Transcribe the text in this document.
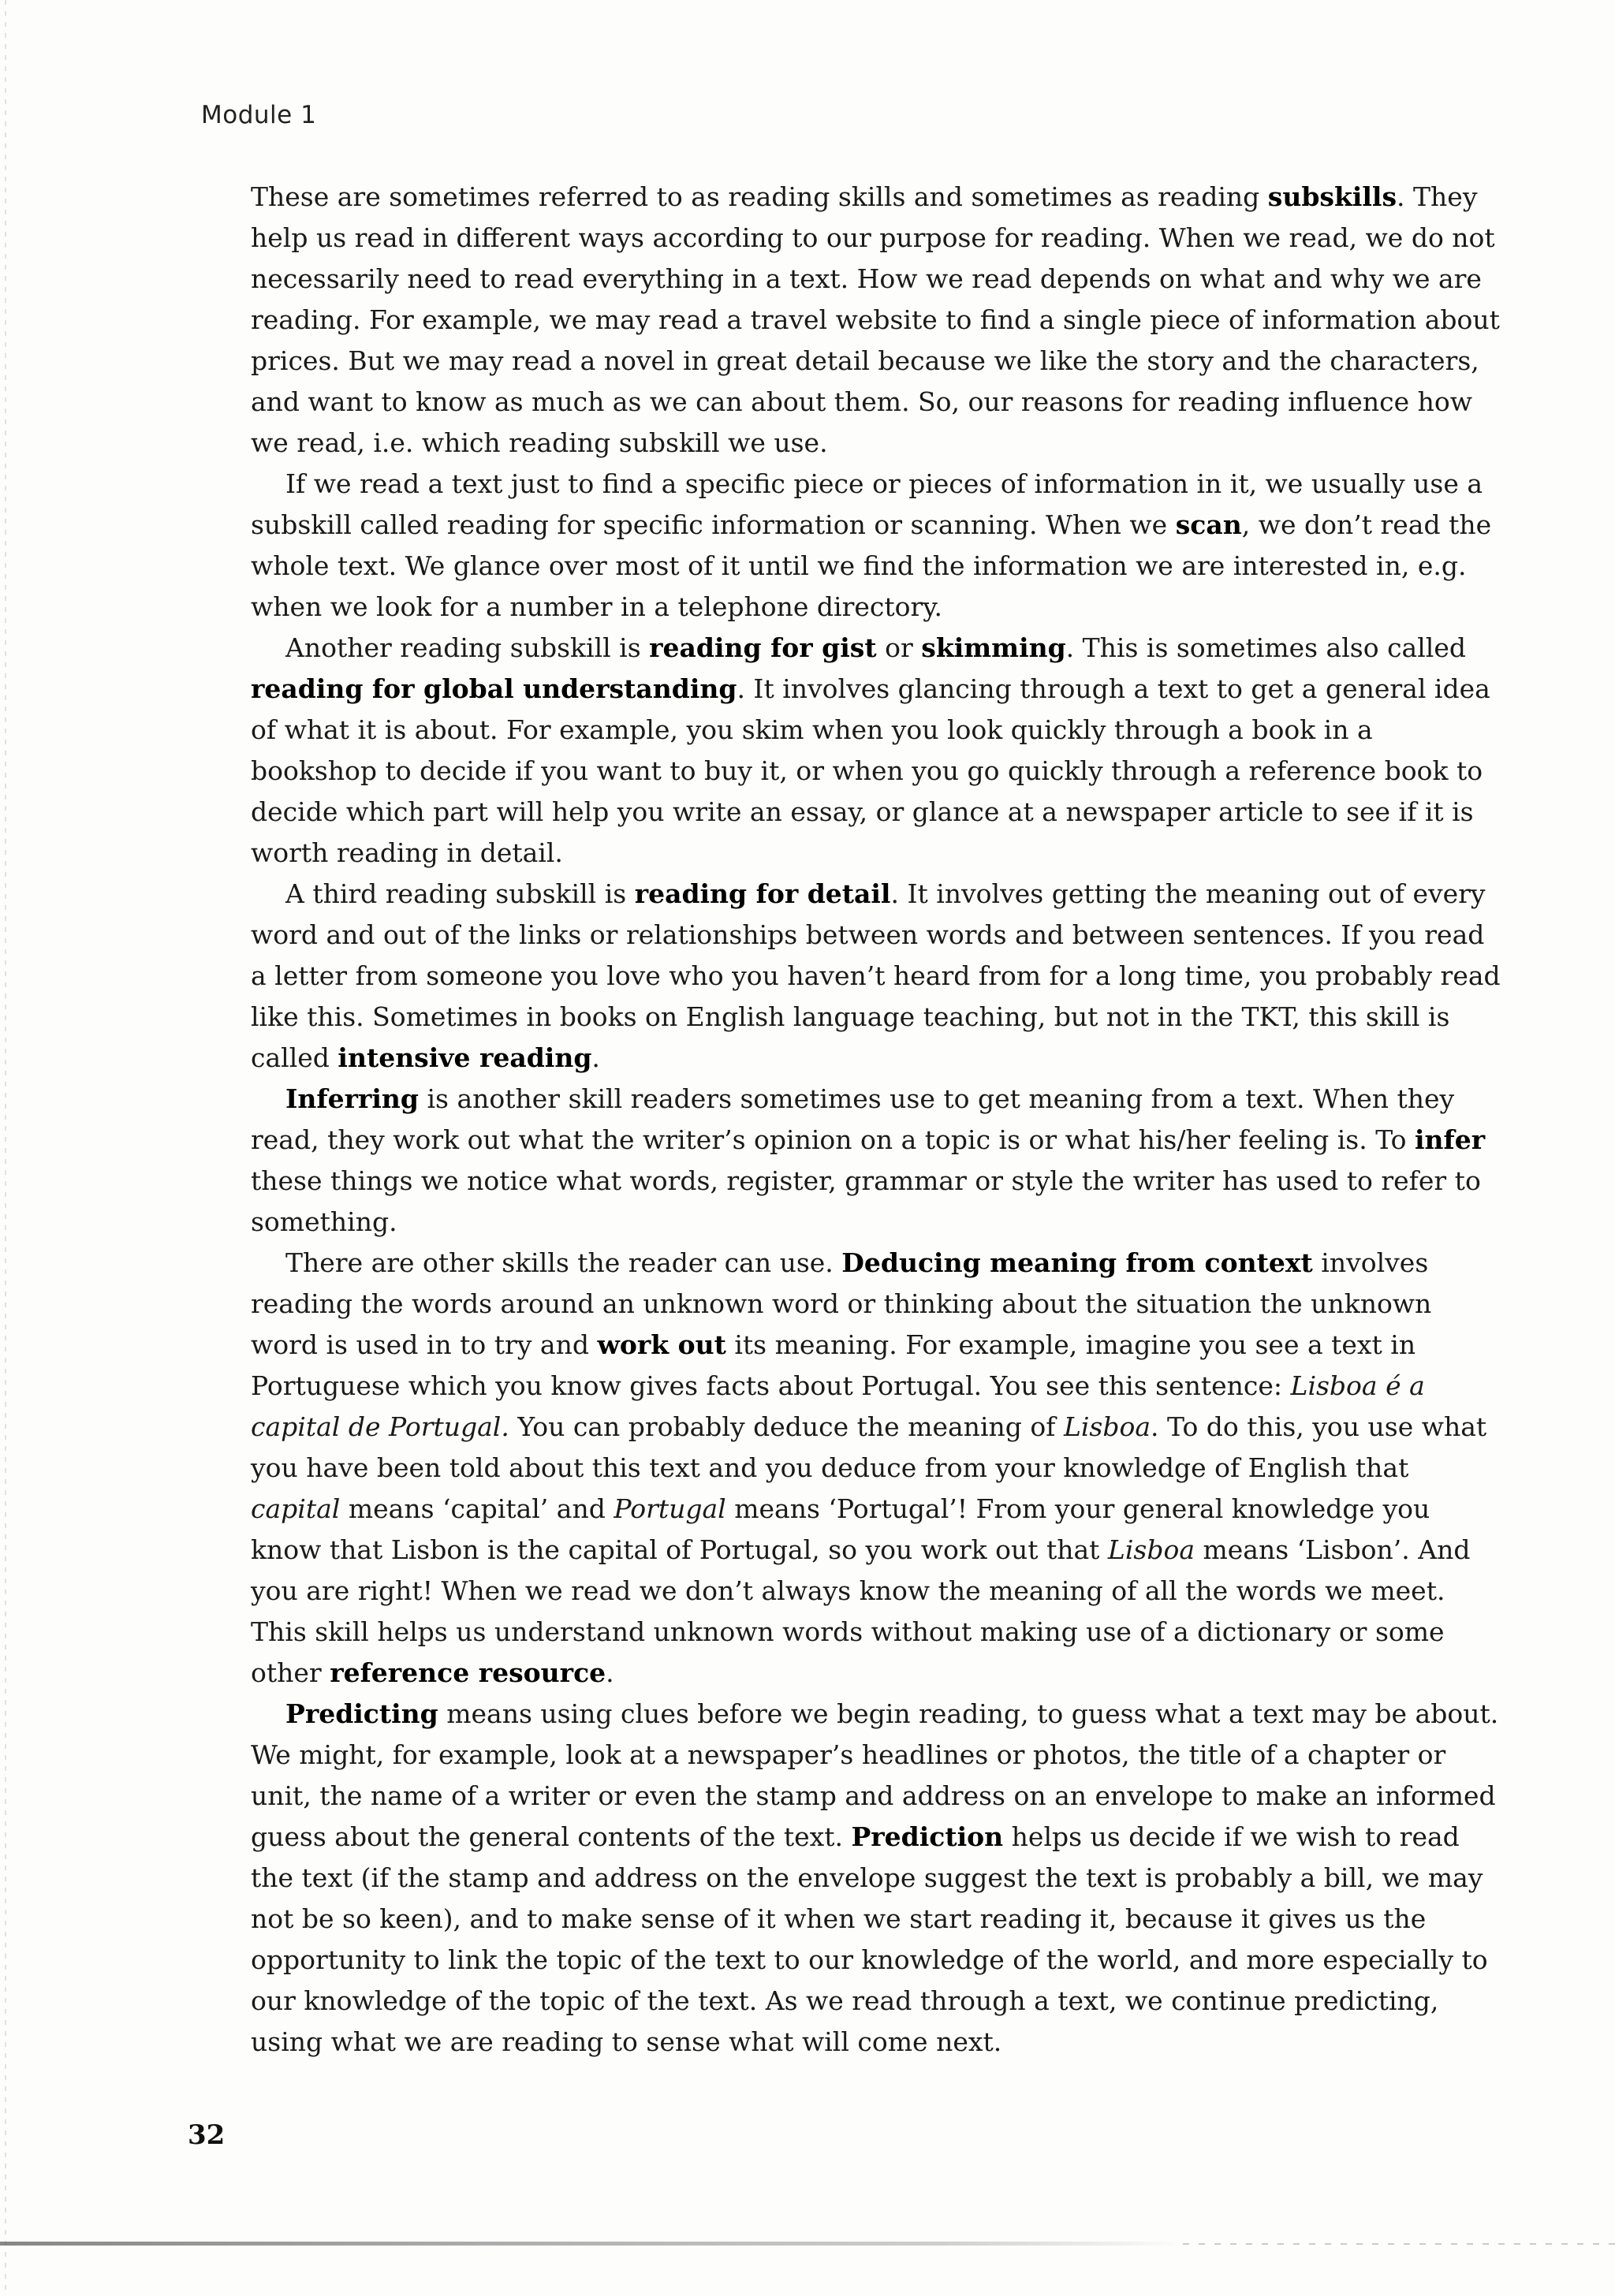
Module 1

These are sometimes referred to as reading skills and sometimes as reading subskills. They help us read in different ways according to our purpose for reading. When we read, we do not necessarily need to read everything in a text. How we read depends on what and why we are reading. For example, we may read a travel website to find a single piece of information about prices. But we may read a novel in great detail because we like the story and the characters, and want to know as much as we can about them. So, our reasons for reading influence how we read, i.e. which reading subskill we use.

If we read a text just to find a specific piece or pieces of information in it, we usually use a subskill called reading for specific information or scanning. When we scan, we don’t read the whole text. We glance over most of it until we find the information we are interested in, e.g. when we look for a number in a telephone directory.

Another reading subskill is reading for gist or skimming. This is sometimes also called reading for global understanding. It involves glancing through a text to get a general idea of what it is about. For example, you skim when you look quickly through a book in a bookshop to decide if you want to buy it, or when you go quickly through a reference book to decide which part will help you write an essay, or glance at a newspaper article to see if it is worth reading in detail.

A third reading subskill is reading for detail. It involves getting the meaning out of every word and out of the links or relationships between words and between sentences. If you read a letter from someone you love who you haven’t heard from for a long time, you probably read like this. Sometimes in books on English language teaching, but not in the TKT, this skill is called intensive reading.

Inferring is another skill readers sometimes use to get meaning from a text. When they read, they work out what the writer’s opinion on a topic is or what his/her feeling is. To infer these things we notice what words, register, grammar or style the writer has used to refer to something.

There are other skills the reader can use. Deducing meaning from context involves reading the words around an unknown word or thinking about the situation the unknown word is used in to try and work out its meaning. For example, imagine you see a text in Portuguese which you know gives facts about Portugal. You see this sentence: Lisboa é a capital de Portugal. You can probably deduce the meaning of Lisboa. To do this, you use what you have been told about this text and you deduce from your knowledge of English that capital means ‘capital’ and Portugal means ‘Portugal’! From your general knowledge you know that Lisbon is the capital of Portugal, so you work out that Lisboa means ‘Lisbon’. And you are right! When we read we don’t always know the meaning of all the words we meet. This skill helps us understand unknown words without making use of a dictionary or some other reference resource.

Predicting means using clues before we begin reading, to guess what a text may be about. We might, for example, look at a newspaper’s headlines or photos, the title of a chapter or unit, the name of a writer or even the stamp and address on an envelope to make an informed guess about the general contents of the text. Prediction helps us decide if we wish to read the text (if the stamp and address on the envelope suggest the text is probably a bill, we may not be so keen), and to make sense of it when we start reading it, because it gives us the opportunity to link the topic of the text to our knowledge of the world, and more especially to our knowledge of the topic of the text. As we read through a text, we continue predicting, using what we are reading to sense what will come next.

32
